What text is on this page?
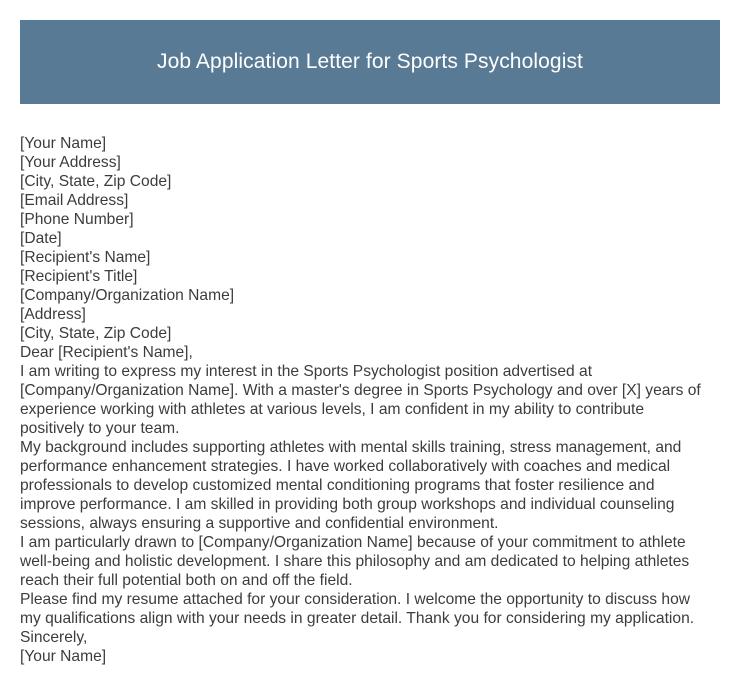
Job Application Letter for Sports Psychologist
[Your Name]
[Your Address]
[City, State, Zip Code]
[Email Address]
[Phone Number]
[Date]
[Recipient's Name]
[Recipient's Title]
[Company/Organization Name]
[Address]
[City, State, Zip Code]
Dear [Recipient's Name],
I am writing to express my interest in the Sports Psychologist position advertised at
[Company/Organization Name]. With a master's degree in Sports Psychology and over [X] years of
experience working with athletes at various levels, I am confident in my ability to contribute
positively to your team.
My background includes supporting athletes with mental skills training, stress management, and
performance enhancement strategies. I have worked collaboratively with coaches and medical
professionals to develop customized mental conditioning programs that foster resilience and
improve performance. I am skilled in providing both group workshops and individual counseling
sessions, always ensuring a supportive and confidential environment.
I am particularly drawn to [Company/Organization Name] because of your commitment to athlete
well-being and holistic development. I share this philosophy and am dedicated to helping athletes
reach their full potential both on and off the field.
Please find my resume attached for your consideration. I welcome the opportunity to discuss how
my qualifications align with your needs in greater detail. Thank you for considering my application.
Sincerely,
[Your Name]
